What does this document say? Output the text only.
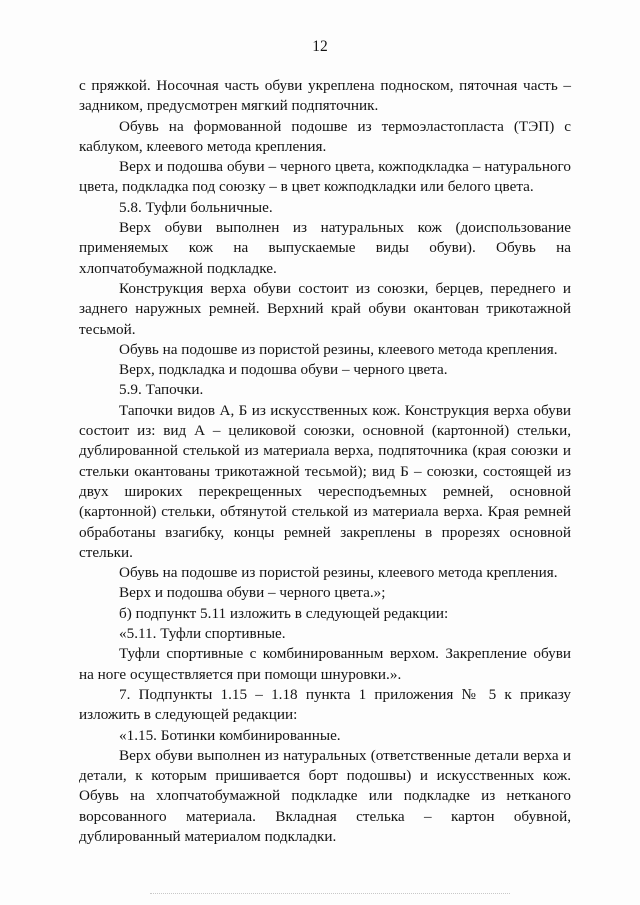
12

с пряжкой. Носочная часть обуви укреплена подноском, пяточная часть – задником, предусмотрен мягкий подпяточник.

Обувь на формованной подошве из термоэластопласта (ТЭП) с каблуком, клеевого метода крепления.

Верх и подошва обуви – черного цвета, кожподкладка – натурального цвета, подкладка под союзку – в цвет кожподкладки или белого цвета.

5.8. Туфли больничные.

Верх обуви выполнен из натуральных кож (доиспользование применяемых кож на выпускаемые виды обуви). Обувь на хлопчатобумажной подкладке.

Конструкция верха обуви состоит из союзки, берцев, переднего и заднего наружных ремней. Верхний край обуви окантован трикотажной тесьмой.

Обувь на подошве из пористой резины, клеевого метода крепления.

Верх, подкладка и подошва обуви – черного цвета.

5.9. Тапочки.

Тапочки видов А, Б из искусственных кож. Конструкция верха обуви состоит из: вид А – целиковой союзки, основной (картонной) стельки, дублированной стелькой из материала верха, подпяточника (края союзки и стельки окантованы трикотажной тесьмой); вид Б – союзки, состоящей из двух широких перекрещенных чересподъемных ремней, основной (картонной) стельки, обтянутой стелькой из материала верха. Края ремней обработаны взагибку, концы ремней закреплены в прорезях основной стельки.

Обувь на подошве из пористой резины, клеевого метода крепления.

Верх и подошва обуви – черного цвета.»;

б) подпункт 5.11 изложить в следующей редакции:

«5.11. Туфли спортивные.

Туфли спортивные с комбинированным верхом. Закрепление обуви на ноге осуществляется при помощи шнуровки.».

7. Подпункты 1.15 – 1.18 пункта 1 приложения № 5 к приказу изложить в следующей редакции:

«1.15. Ботинки комбинированные.

Верх обуви выполнен из натуральных (ответственные детали верха и детали, к которым пришивается борт подошвы) и искусственных кож. Обувь на хлопчатобумажной подкладке или подкладке из нетканого ворсованного материала. Вкладная стелька – картон обувной, дублированный материалом подкладки.
